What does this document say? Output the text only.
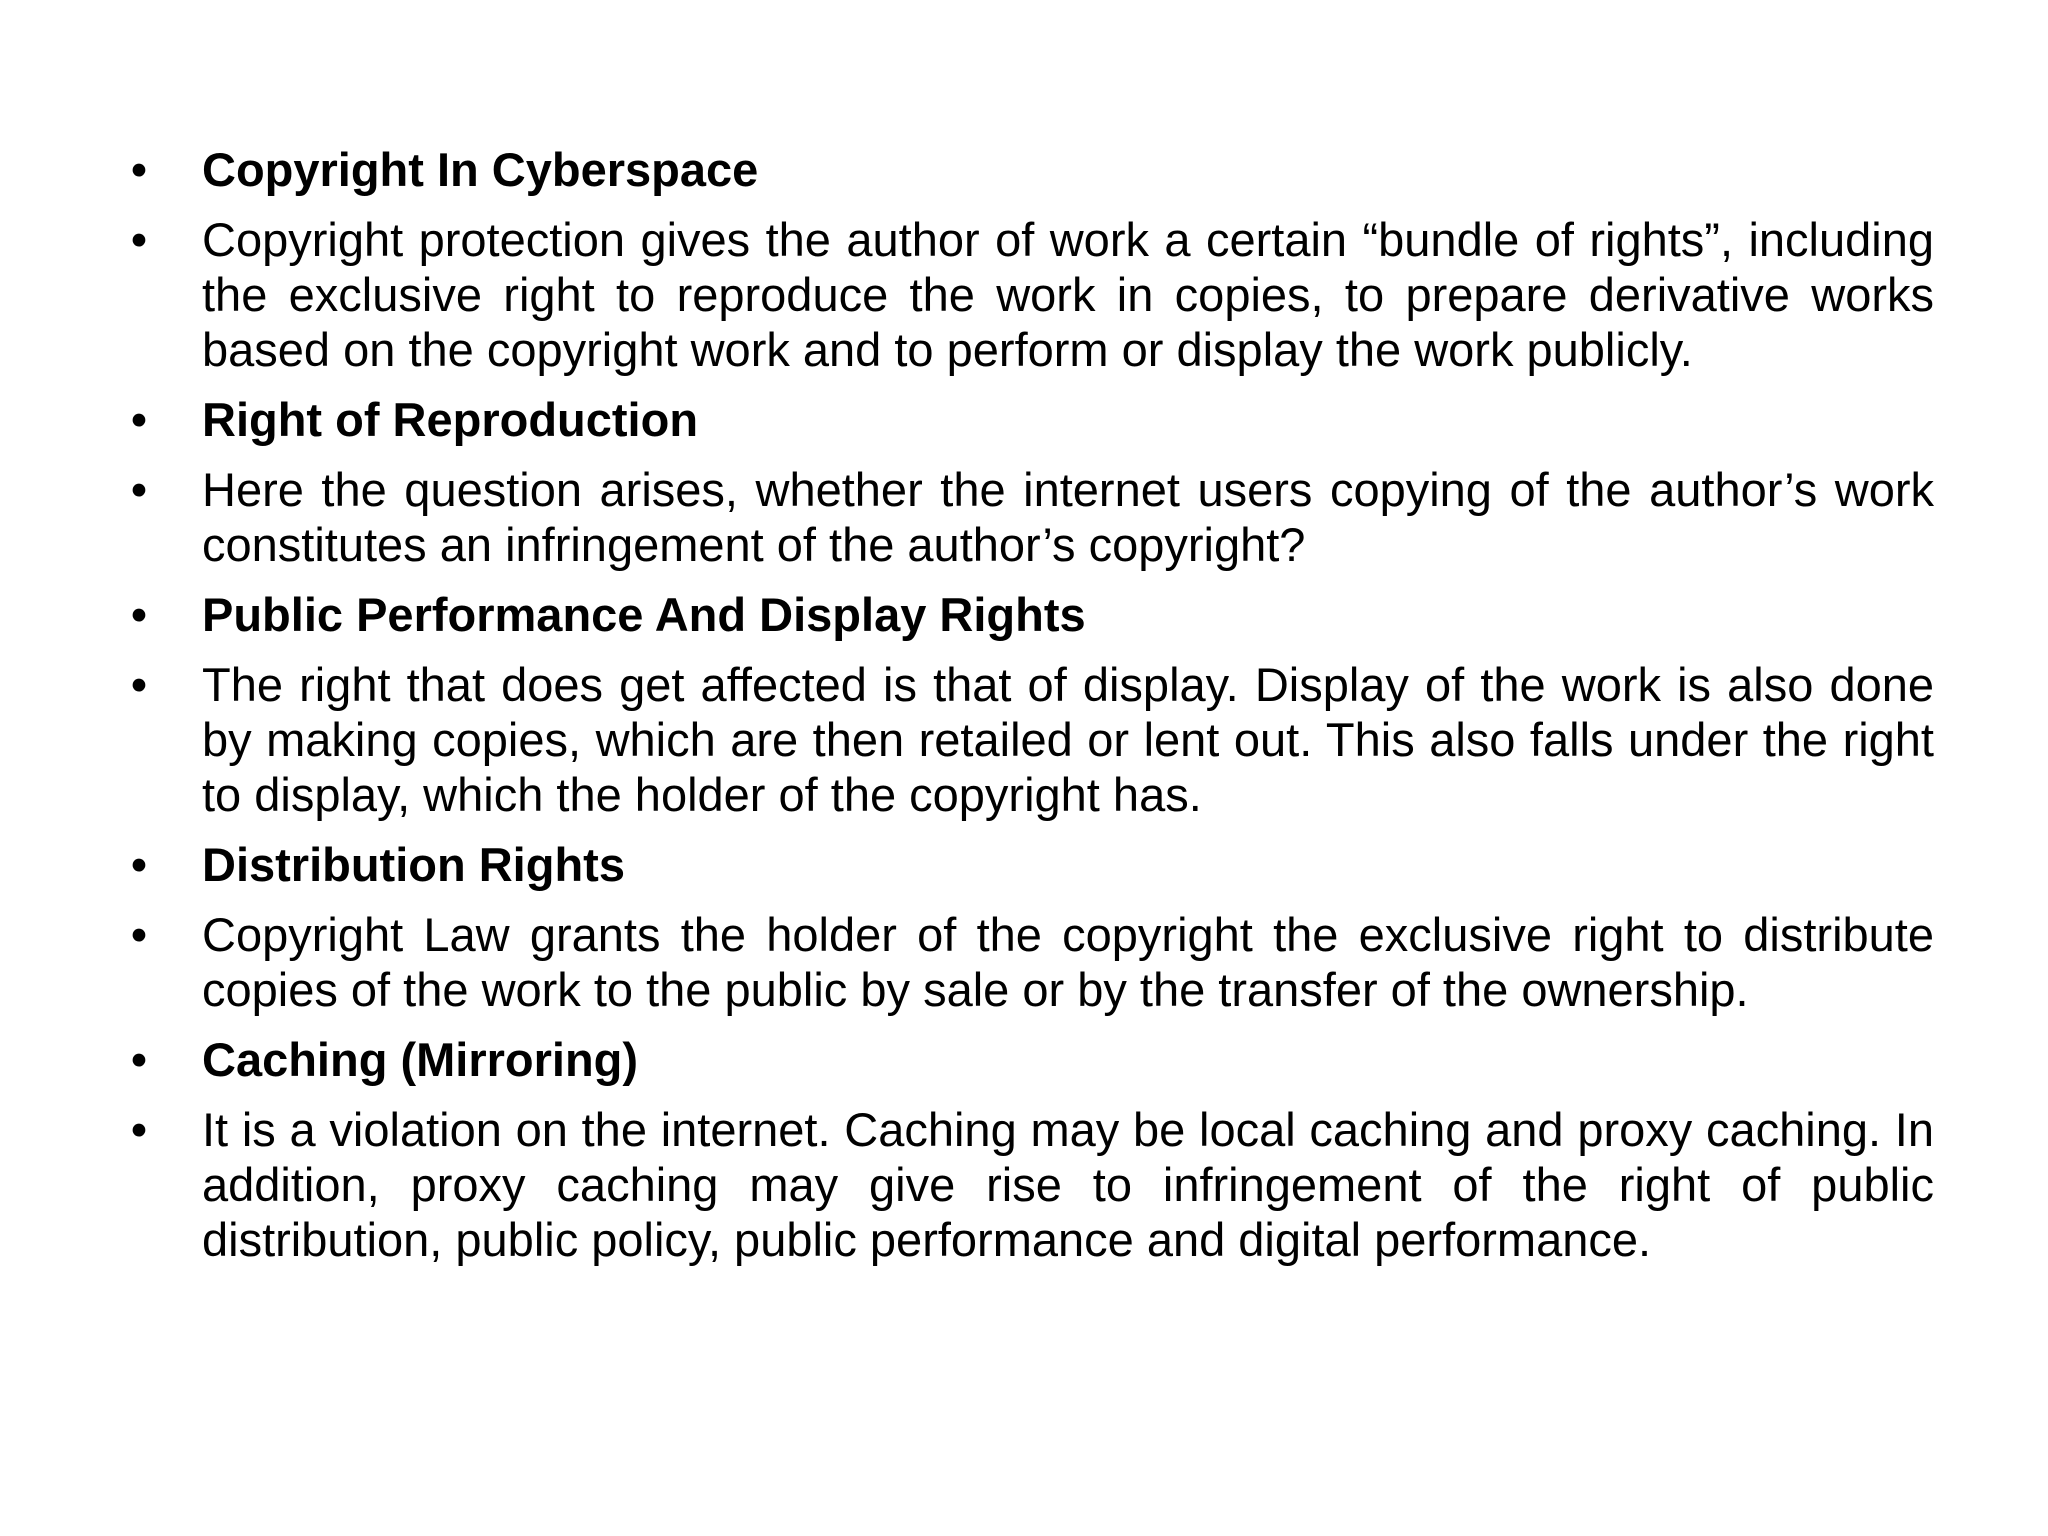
• Copyright In Cyberspace
• Copyright protection gives the author of work a certain “bundle of rights”, including the exclusive right to reproduce the work in copies, to prepare derivative works based on the copyright work and to perform or display the work publicly.
• Right of Reproduction
• Here the question arises, whether the internet users copying of the author’s work constitutes an infringement of the author’s copyright?
• Public Performance And Display Rights
• The right that does get affected is that of display. Display of the work is also done by making copies, which are then retailed or lent out. This also falls under the right to display, which the holder of the copyright has.
• Distribution Rights
• Copyright Law grants the holder of the copyright the exclusive right to distribute copies of the work to the public by sale or by the transfer of the ownership.
• Caching (Mirroring)
• It is a violation on the internet. Caching may be local caching and proxy caching. In addition, proxy caching may give rise to infringement of the right of public distribution, public policy, public performance and digital performance.
